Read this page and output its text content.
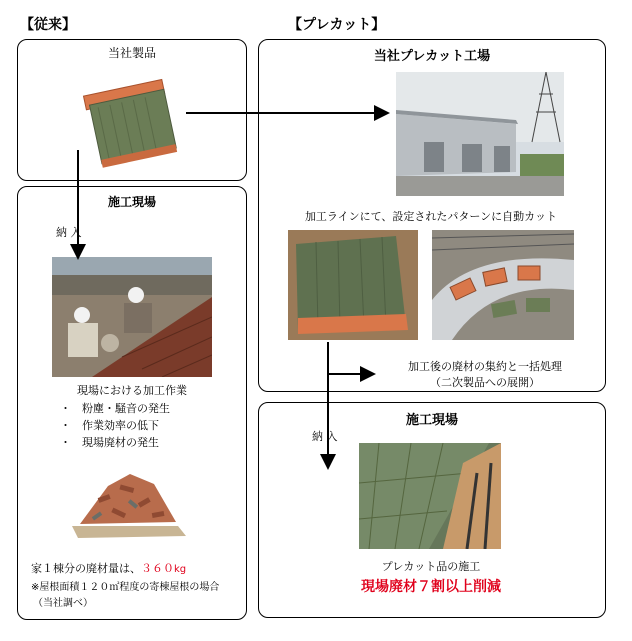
【従来】	【プレカット】
当社製品
施工現場
納 入
現場における加工作業
・　粉塵・騒音の発生
・　作業効率の低下
・　現場廃材の発生
家１棟分の廃材量は、３６０kg
※屋根面積１２０㎡程度の寄棟屋根の場合
（当社調べ）
当社プレカット工場
加工ラインにて、設定されたパターンに自動カット
加工後の廃材の集約と一括処理
（二次製品への展開）
施工現場
納 入
プレカット品の施工
現場廃材７割以上削減
